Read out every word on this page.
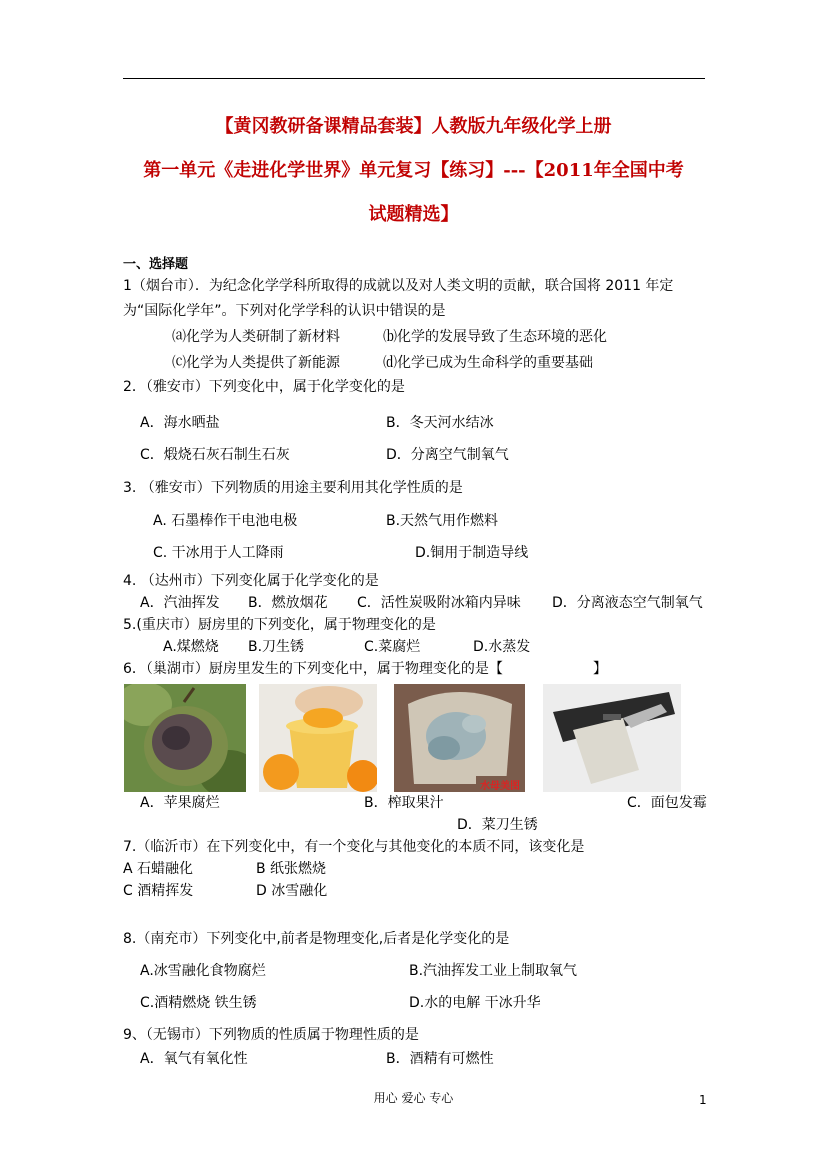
【黄冈教研备课精品套装】人教版九年级化学上册
第一单元《走进化学世界》单元复习【练习】---【2011年全国中考
试题精选】
一、选择题
1（烟台市）．为纪念化学学科所取得的成就以及对人类文明的贡献，联合国将 2011 年定
为“国际化学年”。下列对化学学科的认识中错误的是
⒜化学为人类研制了新材料	⒝化学的发展导致了生态环境的恶化
⒞化学为人类提供了新能源	⒟化学已成为生命科学的重要基础
2．（雅安市）下列变化中，属于化学变化的是
A．海水晒盐	B．冬天河水结冰
C．煅烧石灰石制生石灰	D．分离空气制氧气
3. （雅安市）下列物质的用途主要利用其化学性质的是
A. 石墨棒作干电池电极	B.天然气用作燃料
C. 干冰用于人工降雨	D.铜用于制造导线
4. （达州市）下列变化属于化学变化的是
A．汽油挥发 B．燃放烟花 C．活性炭吸附冰箱内异味 D．分离液态空气制氧气
5.(重庆市）厨房里的下列变化，属于物理变化的是
A.煤燃烧 B.刀生锈	C.菜腐烂	D.水蒸发
6．（巢湖市）厨房里发生的下列变化中，属于物理变化的是【	】
水母美图
A．苹果腐烂	B．榨取果汁	C．面包发霉
D．菜刀生锈
7.（临沂市）在下列变化中，有一个变化与其他变化的本质不同，该变化是
A 石蜡融化	B 纸张燃烧
C 酒精挥发	D 冰雪融化
8.（南充市）下列变化中,前者是物理变化,后者是化学变化的是
A.冰雪融化食物腐烂	B.汽油挥发工业上制取氧气
C.酒精燃烧 铁生锈	D.水的电解 干冰升华
9、（无锡市）下列物质的性质属于物理性质的是
A．氧气有氧化性	B．酒精有可燃性
用心 爱心 专心	1
